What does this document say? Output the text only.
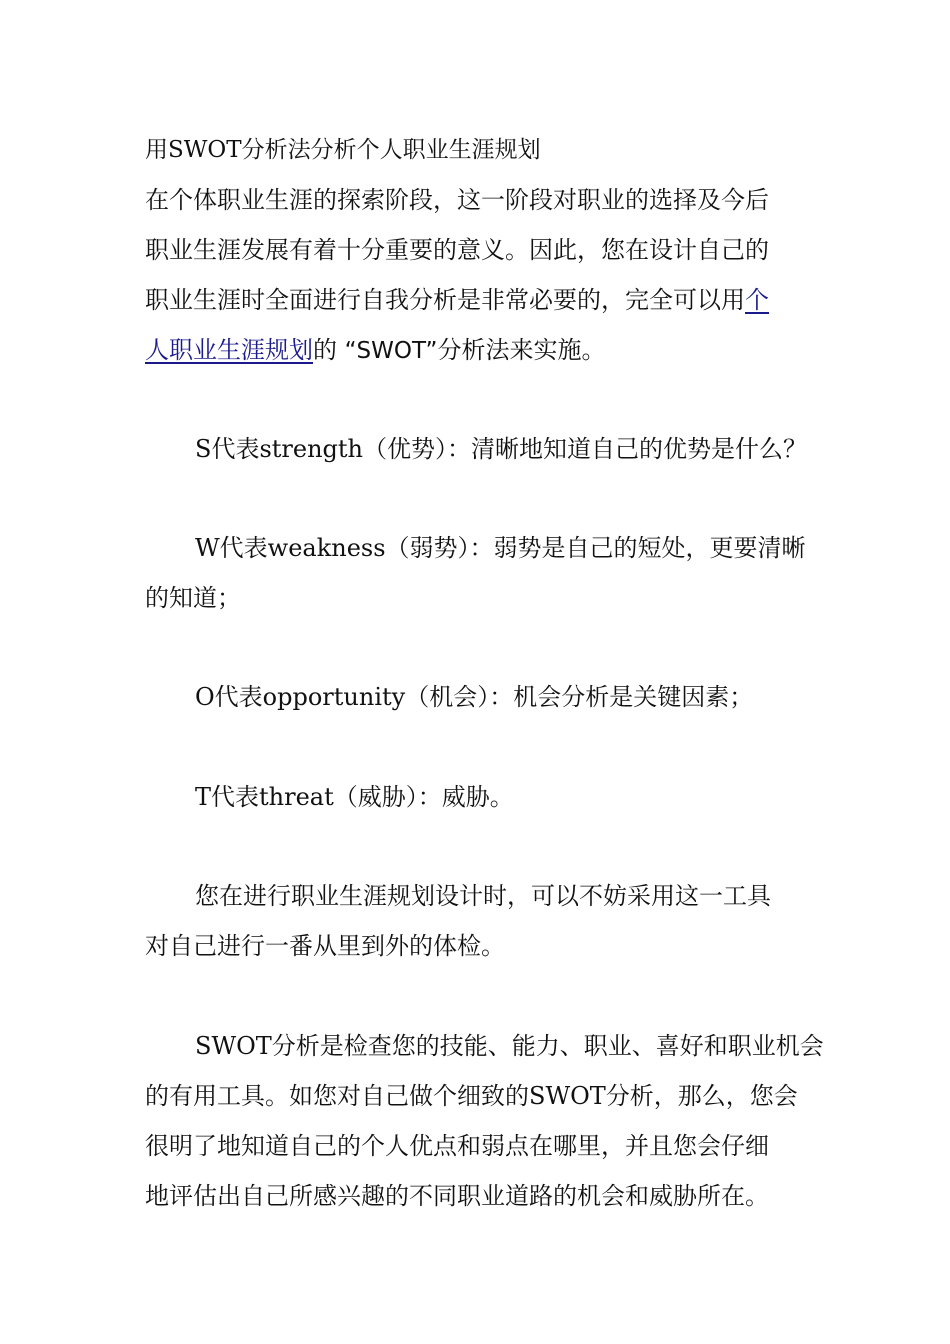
用SWOT分析法分析个人职业生涯规划
在个体职业生涯的探索阶段，这一阶段对职业的选择及今后
职业生涯发展有着十分重要的意义。因此，您在设计自己的
职业生涯时全面进行自我分析是非常必要的，完全可以用个
人职业生涯规划的 “SWOT”分析法来实施。
S代表strength（优势）：清晰地知道自己的优势是什么？
W代表weakness（弱势）：弱势是自己的短处，更要清晰
的知道；
O代表opportunity（机会）：机会分析是关键因素；
T代表threat（威胁）：威胁。
您在进行职业生涯规划设计时，可以不妨采用这一工具
对自己进行一番从里到外的体检。
SWOT分析是检查您的技能、能力、职业、喜好和职业机会
的有用工具。如您对自己做个细致的SWOT分析，那么，您会
很明了地知道自己的个人优点和弱点在哪里，并且您会仔细
地评估出自己所感兴趣的不同职业道路的机会和威胁所在。
